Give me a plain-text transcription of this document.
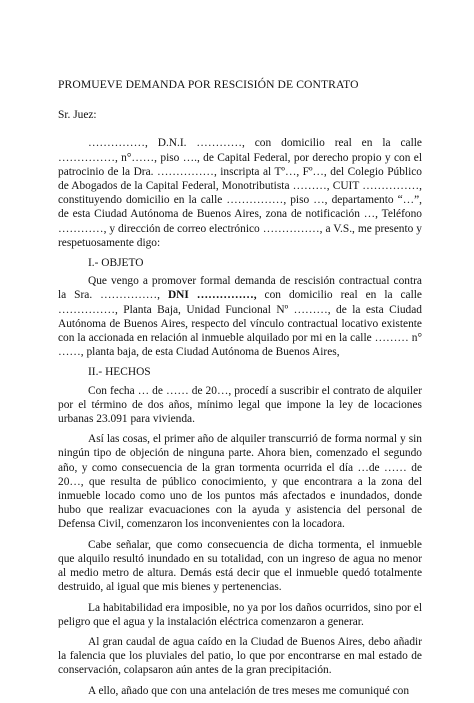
PROMUEVE DEMANDA POR RESCISIÓN DE CONTRATO
Sr. Juez:

……………, D.N.I. …………, con domicilio real en la calle ……………, n°……, piso …., de Capital Federal, por derecho propio y con el patrocinio de la Dra. ……………, inscripta al Tº…, Fº…, del Colegio Público de Abogados de la Capital Federal, Monotributista ………, CUIT ……………, constituyendo domicilio en la calle ……………, piso …, departamento “…”, de esta Ciudad Autónoma de Buenos Aires, zona de notificación …, Teléfono …………, y dirección de correo electrónico ……………, a V.S., me presento y respetuosamente digo:

I.- OBJETO

Que vengo a promover formal demanda de rescisión contractual contra la Sra. ……………, DNI ……………, con domicilio real en la calle ……………, Planta Baja, Unidad Funcional Nº ………, de la esta Ciudad Autónoma de Buenos Aires, respecto del vínculo contractual locativo existente con la accionada en relación al inmueble alquilado por mi en la calle ……… n° ……, planta baja, de esta Ciudad Autónoma de Buenos Aires,

II.- HECHOS

Con fecha … de …… de 20…, procedí a suscribir el contrato de alquiler por el término de dos años, mínimo legal que impone la ley de locaciones urbanas 23.091 para vivienda.

Así las cosas, el primer año de alquiler transcurrió de forma normal y sin ningún tipo de objeción de ninguna parte. Ahora bien, comenzado el segundo año, y como consecuencia de la gran tormenta ocurrida el día …de …… de 20…, que resulta de público conocimiento, y que encontrara a la zona del inmueble locado como uno de los puntos más afectados e inundados, donde hubo que realizar evacuaciones con la ayuda y asistencia del personal de Defensa Civil, comenzaron los inconvenientes con la locadora.

Cabe señalar, que como consecuencia de dicha tormenta, el inmueble que alquilo resultó inundado en su totalidad, con un ingreso de agua no menor al medio metro de altura. Demás está decir que el inmueble quedó totalmente destruido, al igual que mis bienes y pertenencias.

La habitabilidad era imposible, no ya por los daños ocurridos, sino por el peligro que el agua y la instalación eléctrica comenzaron a generar.

Al gran caudal de agua caído en la Ciudad de Buenos Aires, debo añadir la falencia que los pluviales del patio, lo que por encontrarse en mal estado de conservación, colapsaron aún antes de la gran precipitación.

A ello, añado que con una antelación de tres meses me comuniqué con
